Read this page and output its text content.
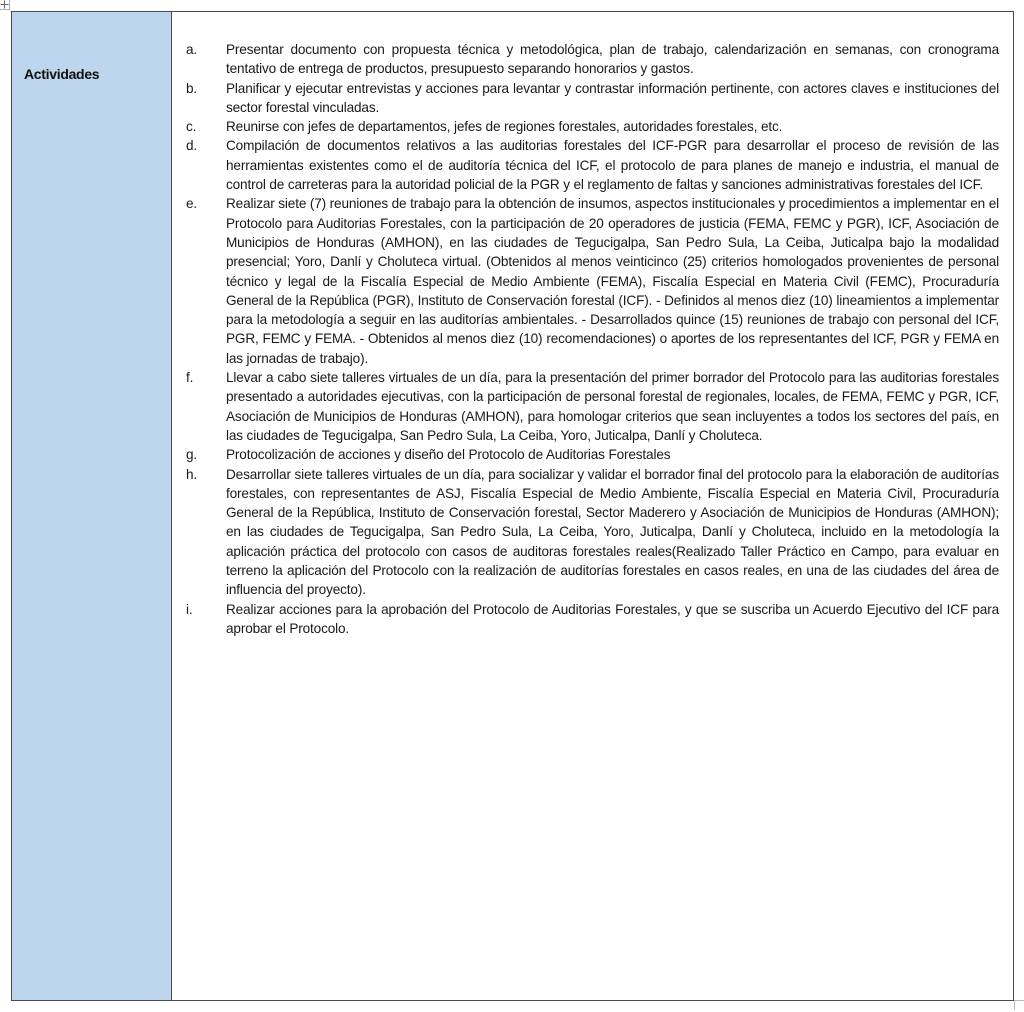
Actividades

a.	Presentar documento con propuesta técnica y metodológica, plan de trabajo, calendarización en semanas, con cronograma tentativo de entrega de productos, presupuesto separando honorarios y gastos.
b.	Planificar y ejecutar entrevistas y acciones para levantar y contrastar información pertinente, con actores claves e instituciones del sector forestal vinculadas.
c.	Reunirse con jefes de departamentos, jefes de regiones forestales, autoridades forestales, etc.
d.	Compilación de documentos relativos a las auditorias forestales del ICF-PGR para desarrollar el proceso de revisión de las herramientas existentes como el de auditoría técnica del ICF, el protocolo de para planes de manejo e industria, el manual de control de carreteras para la autoridad policial de la PGR y el reglamento de faltas y sanciones administrativas forestales del ICF.
e.	Realizar siete (7) reuniones de trabajo para la obtención de insumos, aspectos institucionales y procedimientos a implementar en el Protocolo para Auditorias Forestales, con la participación de 20 operadores de justicia (FEMA, FEMC y PGR), ICF, Asociación de Municipios de Honduras (AMHON), en las ciudades de Tegucigalpa, San Pedro Sula, La Ceiba, Juticalpa bajo la modalidad presencial; Yoro, Danlí y Choluteca virtual. (Obtenidos al menos veinticinco (25) criterios homologados provenientes de personal técnico y legal de la Fiscalía Especial de Medio Ambiente (FEMA), Fiscalía Especial en Materia Civil (FEMC), Procuraduría General de la República (PGR), Instituto de Conservación forestal (ICF). - Definidos al menos diez (10) lineamientos a implementar para la metodología a seguir en las auditorías ambientales. - Desarrollados quince (15) reuniones de trabajo con personal del ICF, PGR, FEMC y FEMA. - Obtenidos al menos diez (10) recomendaciones) o aportes de los representantes del ICF, PGR y FEMA en las jornadas de trabajo).
f.	Llevar a cabo siete talleres virtuales de un día, para la presentación del primer borrador del Protocolo para las auditorias forestales presentado a autoridades ejecutivas, con la participación de personal forestal de regionales, locales, de FEMA, FEMC y PGR, ICF, Asociación de Municipios de Honduras (AMHON), para homologar criterios que sean incluyentes a todos los sectores del país, en las ciudades de Tegucigalpa, San Pedro Sula, La Ceiba, Yoro, Juticalpa, Danlí y Choluteca.
g.	Protocolización de acciones y diseño del Protocolo de Auditorias Forestales
h.	Desarrollar siete talleres virtuales de un día, para socializar y validar el borrador final del protocolo para la elaboración de auditorías forestales, con representantes de ASJ, Fiscalía Especial de Medio Ambiente, Fiscalía Especial en Materia Civil, Procuraduría General de la República, Instituto de Conservación forestal, Sector Maderero y Asociación de Municipios de Honduras (AMHON); en las ciudades de Tegucigalpa, San Pedro Sula, La Ceiba, Yoro, Juticalpa, Danlí y Choluteca, incluido en la metodología la aplicación práctica del protocolo con casos de auditoras forestales reales(Realizado Taller Práctico en Campo, para evaluar en terreno la aplicación del Protocolo con la realización de auditorías forestales en casos reales, en una de las ciudades del área de influencia del proyecto).
i.	Realizar acciones para la aprobación del Protocolo de Auditorias Forestales, y que se suscriba un Acuerdo Ejecutivo del ICF para aprobar el Protocolo.
